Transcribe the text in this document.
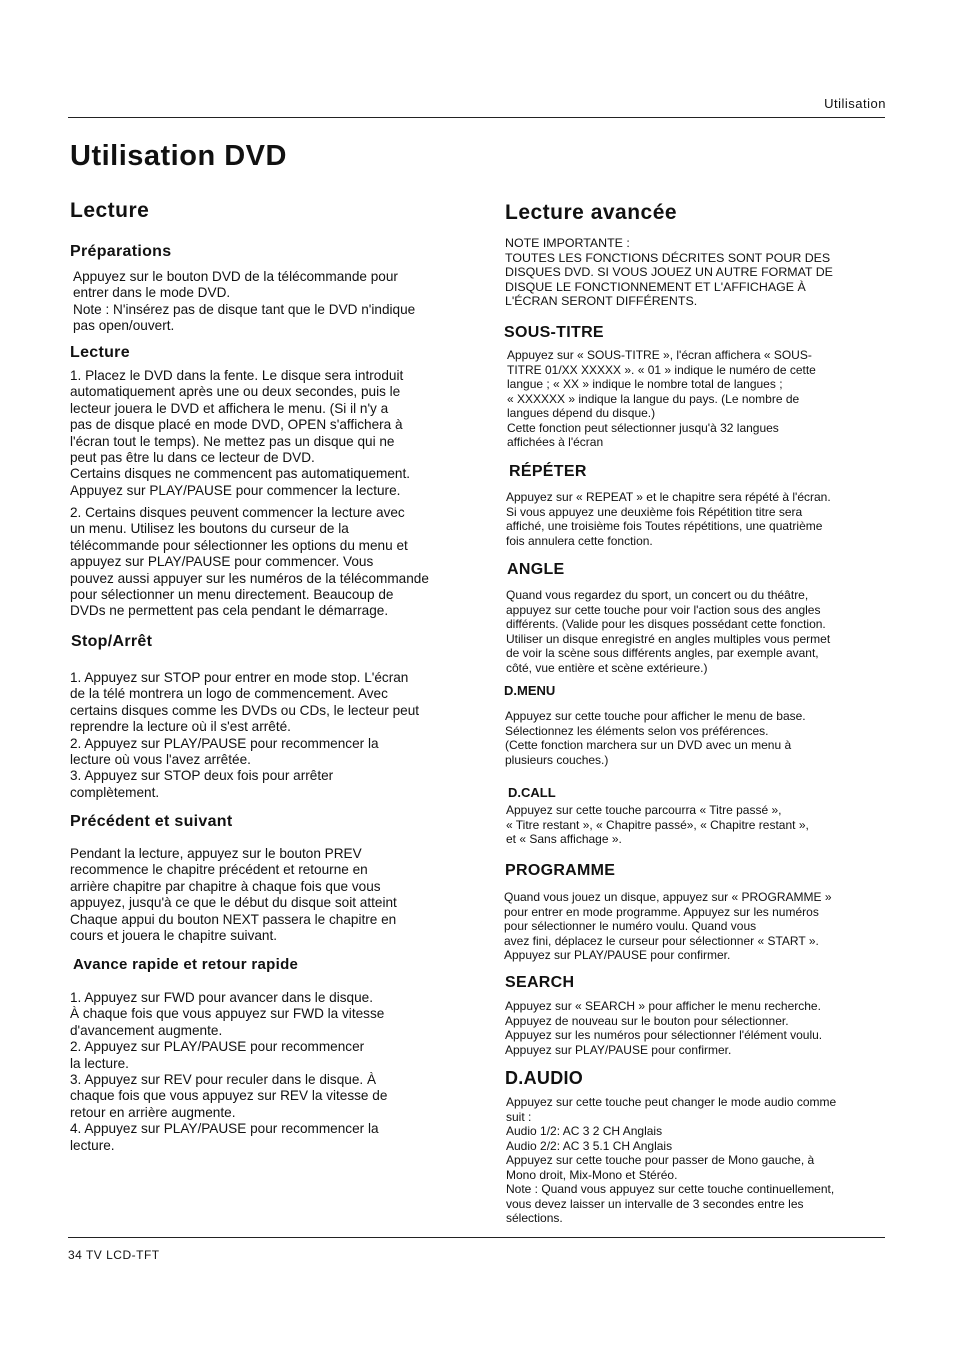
Utilisation
Utilisation DVD
Lecture
Préparations

Appuyez sur le bouton DVD de la télécommande pour
entrer dans le mode DVD.
Note : N'insérez pas de disque tant que le DVD n'indique
pas open/ouvert.

Lecture

1. Placez le DVD dans la fente. Le disque sera introduit
automatiquement après une ou deux secondes, puis le
lecteur jouera le DVD et affichera le menu. (Si il n'y a
pas de disque placé en mode DVD, OPEN s'affichera à
l'écran tout le temps). Ne mettez pas un disque qui ne
peut pas être lu dans ce lecteur de DVD.
Certains disques ne commencent pas automatiquement.
Appuyez sur PLAY/PAUSE pour commencer la lecture.

2. Certains disques peuvent commencer la lecture avec
un menu. Utilisez les boutons du curseur de la
télécommande pour sélectionner les options du menu et
appuyez sur PLAY/PAUSE pour commencer. Vous
pouvez aussi appuyer sur les numéros de la télécommande
pour sélectionner un menu directement. Beaucoup de
DVDs ne permettent pas cela pendant le démarrage.

Stop/Arrêt

1. Appuyez sur STOP pour entrer en mode stop. L'écran
de la télé montrera un logo de commencement. Avec
certains disques comme les DVDs ou CDs, le lecteur peut
reprendre la lecture où il s'est arrêté.
2. Appuyez sur PLAY/PAUSE pour recommencer la
lecture où vous l'avez arrêtée.
3. Appuyez sur STOP deux fois pour arrêter
complètement.

Précédent et suivant

Pendant la lecture, appuyez sur le bouton PREV
recommence le chapitre précédent et retourne en
arrière chapitre par chapitre à chaque fois que vous
appuyez, jusqu'à ce que le début du disque soit atteint
Chaque appui du bouton NEXT passera le chapitre en
cours et jouera le chapitre suivant.

Avance rapide et retour rapide

1. Appuyez sur FWD pour avancer dans le disque.
À chaque fois que vous appuyez sur FWD la vitesse
d'avancement augmente.
2. Appuyez sur PLAY/PAUSE pour recommencer
la lecture.
3. Appuyez sur REV pour reculer dans le disque. À
chaque fois que vous appuyez sur REV la vitesse de
retour en arrière augmente.
4. Appuyez sur PLAY/PAUSE pour recommencer la
lecture.

Lecture avancée

NOTE IMPORTANTE :
TOUTES LES FONCTIONS DÉCRITES SONT POUR DES
DISQUES DVD. SI VOUS JOUEZ UN AUTRE FORMAT DE
DISQUE LE FONCTIONNEMENT ET L'AFFICHAGE À
L'ÉCRAN SERONT DIFFÉRENTS.

SOUS-TITRE

Appuyez sur « SOUS-TITRE », l'écran affichera « SOUS-
TITRE 01/XX XXXXX ». « 01 » indique le numéro de cette
langue ; « XX » indique le nombre total de langues ;
« XXXXXX » indique la langue du pays. (Le nombre de
langues dépend du disque.)
Cette fonction peut sélectionner jusqu'à 32 langues
affichées à l'écran

RÉPÉTER

Appuyez sur « REPEAT » et le chapitre sera répété à l'écran.
Si vous appuyez une deuxième fois Répétition titre sera
affiché, une troisième fois Toutes répétitions, une quatrième
fois annulera cette fonction.

ANGLE

Quand vous regardez du sport, un concert ou du théâtre,
appuyez sur cette touche pour voir l'action sous des angles
différents. (Valide pour les disques possédant cette fonction.
Utiliser un disque enregistré en angles multiples vous permet
de voir la scène sous différents angles, par exemple avant,
côté, vue entière et scène extérieure.)

D.MENU

Appuyez sur cette touche pour afficher le menu de base.
Sélectionnez les éléments selon vos préférences.
(Cette fonction marchera sur un DVD avec un menu à
plusieurs couches.)

D.CALL

Appuyez sur cette touche parcourra « Titre passé »,
« Titre restant », « Chapitre passé», « Chapitre restant »,
et « Sans affichage ».

PROGRAMME

Quand vous jouez un disque, appuyez sur « PROGRAMME »
pour entrer en mode programme. Appuyez sur les numéros
pour sélectionner le numéro voulu. Quand vous
avez fini, déplacez le curseur pour sélectionner « START ».
Appuyez sur PLAY/PAUSE pour confirmer.

SEARCH

Appuyez sur « SEARCH » pour afficher le menu recherche.
Appuyez de nouveau sur le bouton pour sélectionner.
Appuyez sur les numéros pour sélectionner l'élément voulu.
Appuyez sur PLAY/PAUSE pour confirmer.

D.AUDIO

Appuyez sur cette touche peut changer le mode audio comme
suit :
Audio 1/2: AC 3 2 CH Anglais
Audio 2/2: AC 3 5.1 CH Anglais
Appuyez sur cette touche pour passer de Mono gauche, à
Mono droit, Mix-Mono et Stéréo.
Note : Quand vous appuyez sur cette touche continuellement,
vous devez laisser un intervalle de 3 secondes entre les
sélections.

34 TV LCD-TFT
